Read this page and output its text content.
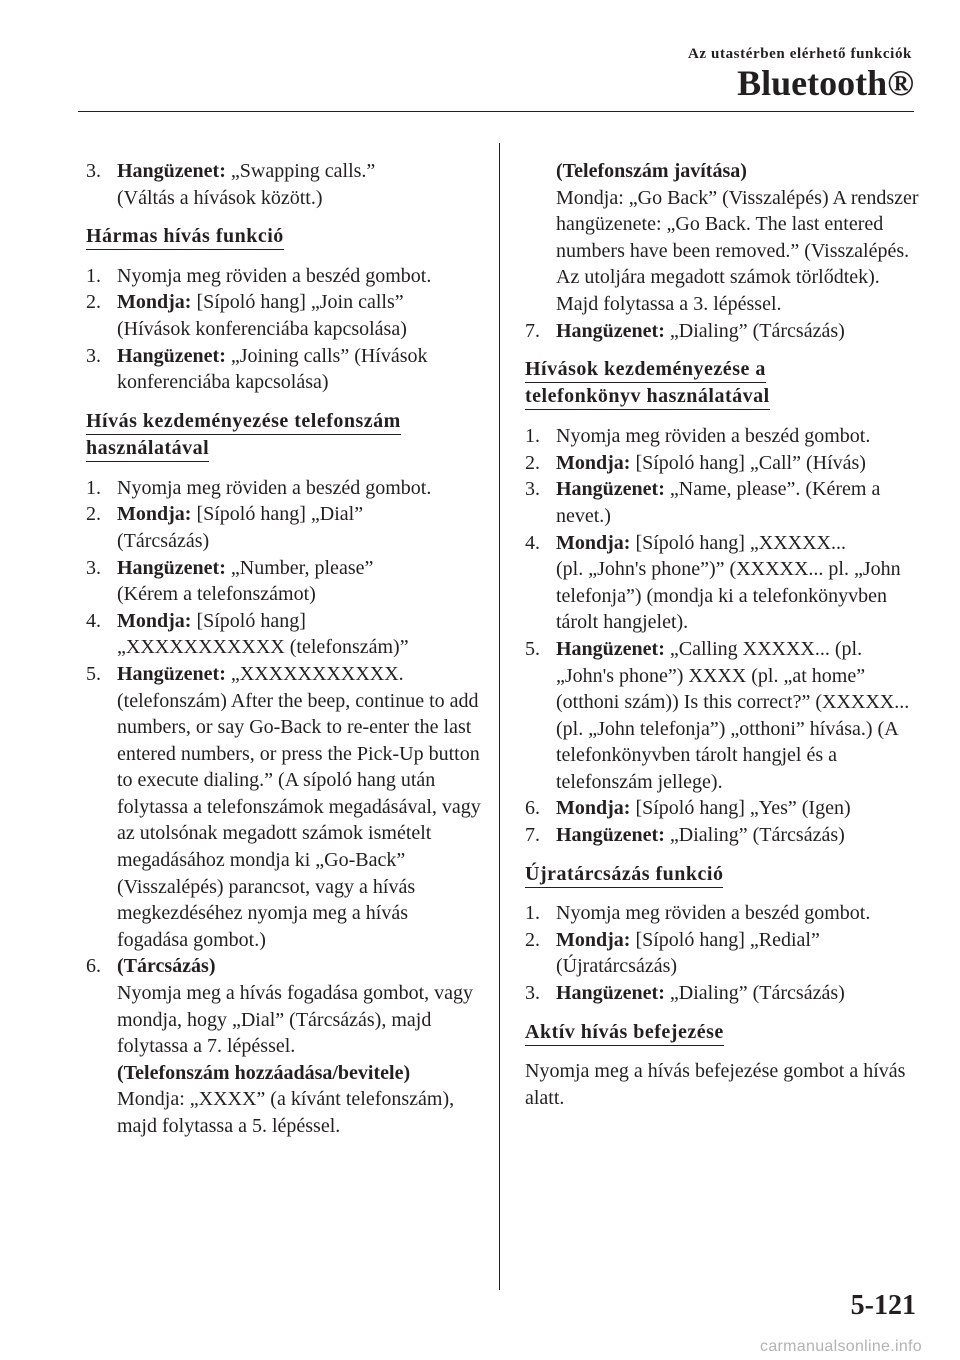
Az utastérben elérhető funkciók
Bluetooth®
3. Hangüzenet: „Swapping calls.”
(Váltás a hívások között.)
Hármas hívás funkció
1. Nyomja meg röviden a beszéd gombot.
2. Mondja: [Sípoló hang] „Join calls”
(Hívások konferenciába kapcsolása)
3. Hangüzenet: „Joining calls” (Hívások konferenciába kapcsolása)
Hívás kezdeményezése telefonszám
használatával
1. Nyomja meg röviden a beszéd gombot.
2. Mondja: [Sípoló hang] „Dial”
(Tárcsázás)
3. Hangüzenet: „Number, please”
(Kérem a telefonszámot)
4. Mondja: [Sípoló hang]
„XXXXXXXXXXX (telefonszám)”
5. Hangüzenet: „XXXXXXXXXXX. (telefonszám) After the beep, continue to add numbers, or say Go-Back to re-enter the last entered numbers, or press the Pick-Up button to execute dialing.” (A sípoló hang után folytassa a telefonszámok megadásával, vagy az utolsónak megadott számok ismételt megadásához mondja ki „Go-Back” (Visszalépés) parancsot, vagy a hívás megkezdéséhez nyomja meg a hívás fogadása gombot.)
6. (Tárcsázás)
Nyomja meg a hívás fogadása gombot, vagy mondja, hogy „Dial” (Tárcsázás), majd folytassa a 7. lépéssel.
(Telefonszám hozzáadása/bevitele)
Mondja: „XXXX” (a kívánt telefonszám), majd folytassa a 5. lépéssel.
(Telefonszám javítása)
Mondja: „Go Back” (Visszalépés) A rendszer hangüzenete: „Go Back. The last entered numbers have been removed.” (Visszalépés. Az utoljára megadott számok törlődtek). Majd folytassa a 3. lépéssel.
7. Hangüzenet: „Dialing” (Tárcsázás)
Hívások kezdeményezése a
telefonkönyv használatával
1. Nyomja meg röviden a beszéd gombot.
2. Mondja: [Sípoló hang] „Call” (Hívás)
3. Hangüzenet: „Name, please”. (Kérem a nevet.)
4. Mondja: [Sípoló hang] „XXXXX...
(pl. „John's phone”)” (XXXXX... pl. „John telefonja”) (mondja ki a telefonkönyvben tárolt hangjelet).
5. Hangüzenet: „Calling XXXXX... (pl. „John's phone”) XXXX (pl. „at home” (otthoni szám)) Is this correct?” (XXXXX... (pl. „John telefonja”) „otthoni” hívása.) (A telefonkönyvben tárolt hangjel és a telefonszám jellege).
6. Mondja: [Sípoló hang] „Yes” (Igen)
7. Hangüzenet: „Dialing” (Tárcsázás)
Újratárcsázás funkció
1. Nyomja meg röviden a beszéd gombot.
2. Mondja: [Sípoló hang] „Redial”
(Újratárcsázás)
3. Hangüzenet: „Dialing” (Tárcsázás)
Aktív hívás befejezése
Nyomja meg a hívás befejezése gombot a hívás alatt.
5-121
carmanualsonline.info
